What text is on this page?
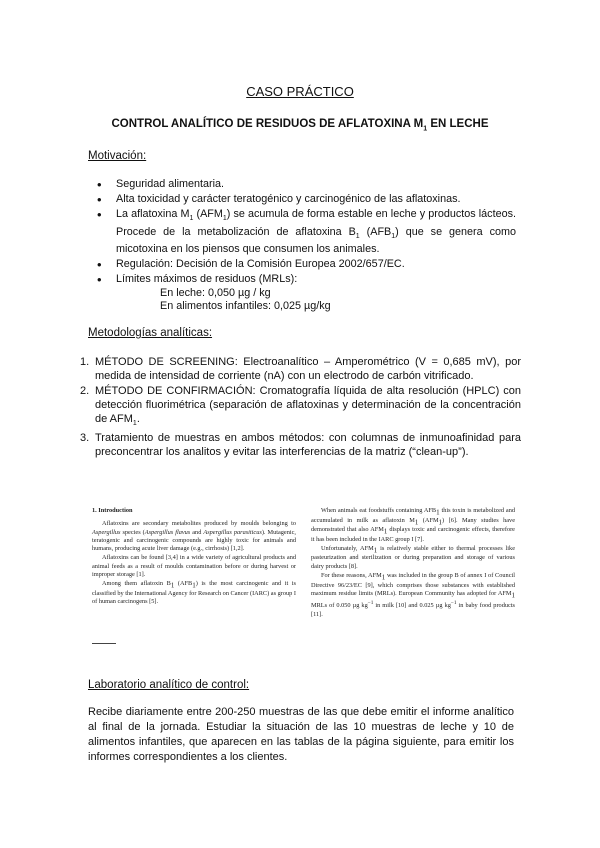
CASO PRÁCTICO
CONTROL ANALÍTICO DE RESIDUOS DE AFLATOXINA $M_1$ EN LECHE
Motivación:
• Seguridad alimentaria.
• Alta toxicidad y carácter teratogénico y carcinogénico de las aflatoxinas.
• La aflatoxina $M_1$ $(AFM_1)$ se acumula de forma estable en leche y productos lácteos. Procede de la metabolización de aflatoxina $B_1$ $(AFB_1)$ que se genera como micotoxina en los piensos que consumen los animales.
• Regulación: Decisión de la Comisión Europea 2002/657/EC.
• Límites máximos de residuos (MRLs):
En leche: 0,050 µg / kg
En alimentos infantiles: 0,025 µg/kg
Metodologías analíticas:
1. MÉTODO DE SCREENING: Electroanalítico – Amperométrico (V = 0,685 mV), por medida de intensidad de corriente (nA) con un electrodo de carbón vitrificado.
2. MÉTODO DE CONFIRMACIÓN: Cromatografía líquida de alta resolución (HPLC) con detección fluorimétrica (separación de aflatoxinas y determinación de la concentración de $AFM_1$.
3. Tratamiento de muestras en ambos métodos: con columnas de inmunoafinidad para preconcentrar los analitos y evitar las interferencias de la matriz (“clean-up”).

1. Introduction

Aflatoxins are secondary metabolites produced by moulds belonging to Aspergillus species (Aspergillus flavus and Aspergillus parasiticus). Mutagenic, teratogenic and carcinogenic compounds are highly toxic for animals and humans, producing acute liver damage (e.g., cirrhosis) [1,2].

Aflatoxins can be found [3,4] in a wide variety of agricultural products and animal feeds as a result of moulds contamination before or during harvest or improper storage [1].

Among them aflatoxin $B_1$ $(AFB_1)$ is the most carcinogenic and it is classified by the International Agency for Research on Cancer (IARC) as group I of human carcinogens [5].

When animals eat foodstuffs containing $AFB_1$ this toxin is metabolized and accumulated in milk as aflatoxin $M_1$ $(AFM_1)$ [6]. Many studies have demonstrated that also $AFM_1$ displays toxic and carcinogenic effects, therefore it has been included in the IARC group I [7].

Unfortunately, $AFM_1$ is relatively stable either to thermal processes like pasteurization and sterilization or during preparation and storage of various dairy products [8].

For these reasons, $AFM_1$ was included in the group B of annex I of Council Directive 96/23/EC [9], which comprises those substances with established maximum residue limits (MRLs). European Community has adopted for $AFM_1$ MRLs of 0.050 µg $kg^{-1}$ in milk [10] and 0.025 µg $kg^{-1}$ in baby food products [11].

Laboratorio analítico de control:

Recibe diariamente entre 200-250 muestras de las que debe emitir el informe analítico al final de la jornada. Estudiar la situación de las 10 muestras de leche y 10 de alimentos infantiles, que aparecen en las tablas de la página siguiente, para emitir los informes correspondientes a los clientes.
